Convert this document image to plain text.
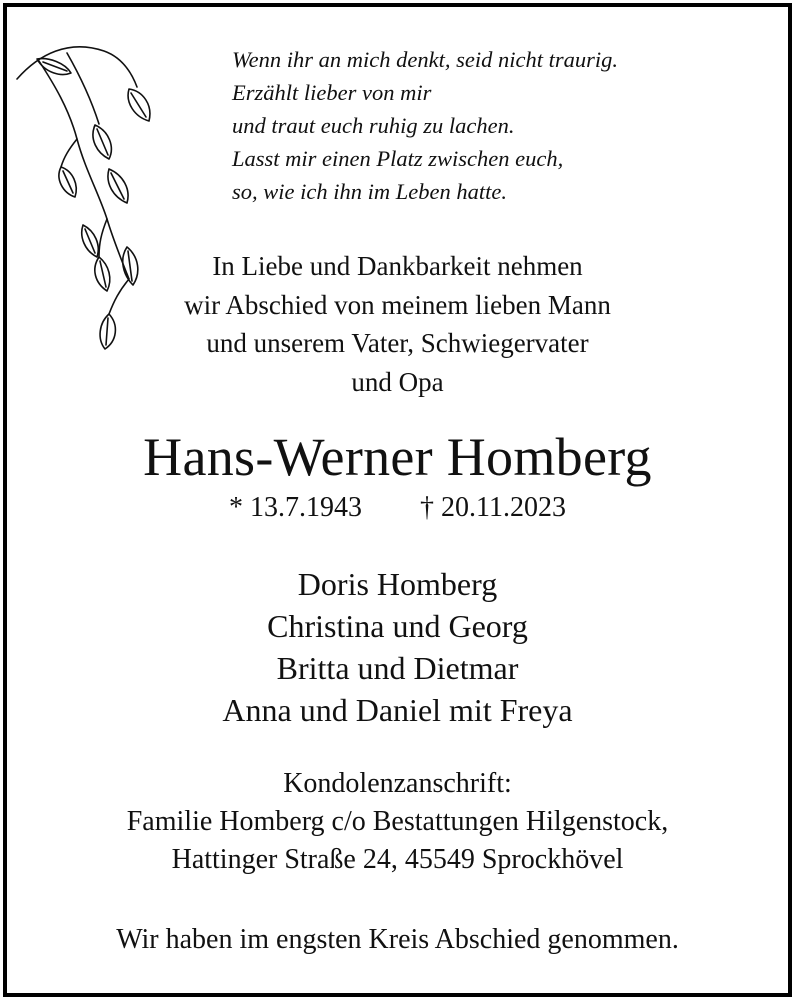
Wenn ihr an mich denkt, seid nicht traurig.
Erzählt lieber von mir
und traut euch ruhig zu lachen.
Lasst mir einen Platz zwischen euch,
so, wie ich ihn im Leben hatte.
In Liebe und Dankbarkeit nehmen
wir Abschied von meinem lieben Mann
und unserem Vater, Schwiegervater
und Opa
Hans-Werner Homberg
* 13.7.1943 † 20.11.2023
Doris Homberg
Christina und Georg
Britta und Dietmar
Anna und Daniel mit Freya
Kondolenzanschrift:
Familie Homberg c/o Bestattungen Hilgenstock,
Hattinger Straße 24, 45549 Sprockhövel
Wir haben im engsten Kreis Abschied genommen.
